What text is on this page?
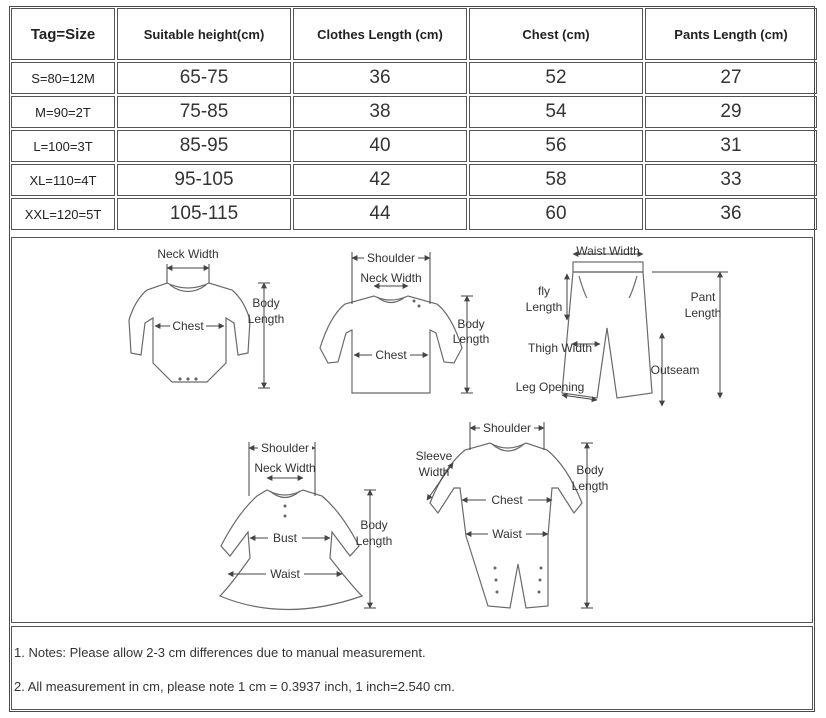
Tag=Size	Suitable height(cm)	Clothes Length (cm)	Chest (cm)	Pants Length (cm)
S=80=12M	65-75	36	52	27
M=90=2T	75-85	38	54	29
L=100=3T	85-95	40	56	31
XL=110=4T	95-105	42	58	33
XXL=120=5T	105-115	44	60	36
Neck Width
Body
Length
Chest
Shoulder
Neck Width
Body
Length
Chest
Waist Width
fly
Length
Pant
Length
Outseam
Thigh Width
Leg Opening
Shoulder
Neck Width
Bust
Body
Length
Waist
Shoulder
Sleeve
Width	Body
Length
Chest
Waist
1. Notes: Please allow 2-3 cm differences due to manual measurement.
2. All measurement in cm, please note 1 cm = 0.3937 inch, 1 inch=2.540 cm.
